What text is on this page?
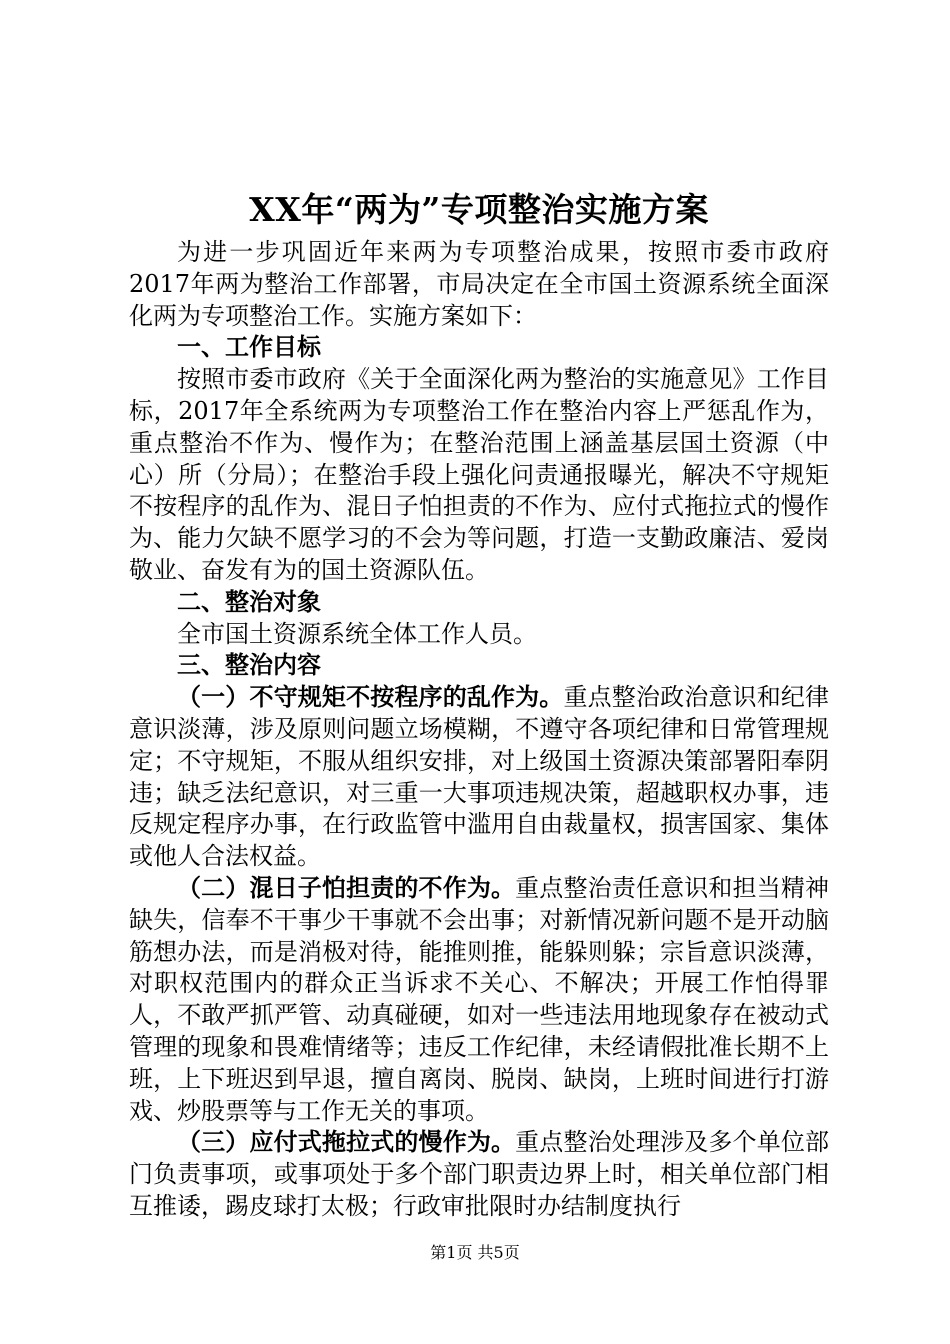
XX年“两为”专项整治实施方案

为进一步巩固近年来两为专项整治成果，按照市委市政府2017年两为整治工作部署，市局决定在全市国土资源系统全面深化两为专项整治工作。实施方案如下：

一、工作目标

按照市委市政府《关于全面深化两为整治的实施意见》工作目标，2017年全系统两为专项整治工作在整治内容上严惩乱作为，重点整治不作为、慢作为；在整治范围上涵盖基层国土资源（中心）所（分局）；在整治手段上强化问责通报曝光，解决不守规矩不按程序的乱作为、混日子怕担责的不作为、应付式拖拉式的慢作为、能力欠缺不愿学习的不会为等问题，打造一支勤政廉洁、爱岗敬业、奋发有为的国土资源队伍。

二、整治对象

全市国土资源系统全体工作人员。

三、整治内容

（一）不守规矩不按程序的乱作为。重点整治政治意识和纪律意识淡薄，涉及原则问题立场模糊，不遵守各项纪律和日常管理规定；不守规矩，不服从组织安排，对上级国土资源决策部署阳奉阴违；缺乏法纪意识，对三重一大事项违规决策，超越职权办事，违反规定程序办事，在行政监管中滥用自由裁量权，损害国家、集体或他人合法权益。

（二）混日子怕担责的不作为。重点整治责任意识和担当精神缺失，信奉不干事少干事就不会出事；对新情况新问题不是开动脑筋想办法，而是消极对待，能推则推，能躲则躲；宗旨意识淡薄，对职权范围内的群众正当诉求不关心、不解决；开展工作怕得罪人，不敢严抓严管、动真碰硬，如对一些违法用地现象存在被动式管理的现象和畏难情绪等；违反工作纪律，未经请假批准长期不上班，上下班迟到早退，擅自离岗、脱岗、缺岗，上班时间进行打游戏、炒股票等与工作无关的事项。

（三）应付式拖拉式的慢作为。重点整治处理涉及多个单位部门负责事项，或事项处于多个部门职责边界上时，相关单位部门相互推诿，踢皮球打太极；行政审批限时办结制度执行

第1页 共5页
